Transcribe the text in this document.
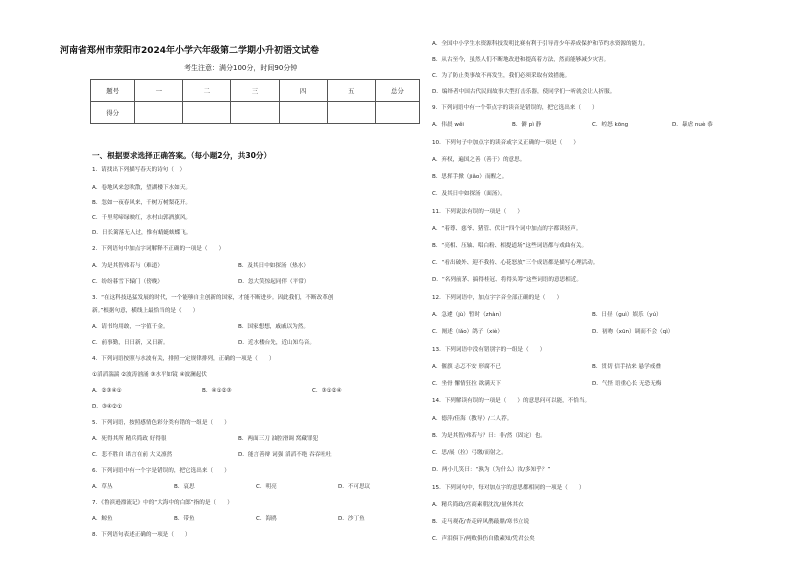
河南省郑州市荥阳市2024年小学六年级第二学期小升初语文试卷
考生注意：满分100分，时间90分钟
题号	一	二	三	四	五	总分
得分						
一、根据要求选择正确答案。（每小题2分，共30分）
1．请找出下列描写春天的诗句（　）
A．卷地风来忽吹散，望湖楼下水如天。
B．忽如一夜春风来，千树万树梨花开。
C．千里莺啼绿映红，水村山郭酒旗风。
D．日长篱落无人过，惟有蜻蜓蛱蝶飞。
2．下列语句中加点字词解释不正确的一项是（　　）
A．为是其智弗若与（难道）	B．及其日中如探汤（热水）
C．纷纷暮雪下辕门（傍晚）	D．忽大笑惊起同伴（平常）
3．“在这科技迅猛发展的时代，一个能够自主创新的国家，才能不断进步。因此我们，不断改革创
新。”根据句意，横线上最恰当的是（　　）
A．请书均用敢，一字值千金。	B．国家想想，戚戚以为然。
C．前事勤，日日新，又日新。	D．近水楼台先，近山知鸟音。
4．下列词语按照与水波有关，排照一定规律排列，正确的一项是（　　）
①滔滔湍湍 ②波涛汹涌 ③水平如镜 ④波澜起伏
A．②③④①	B．④①②③	C．③①②④
D．③④②①
5．下列词语，按照感情色彩分类有错的一组是（　　）
A．死得其所 精兵简政 好得很	B．两面三刀 油腔滑调 窝藏罪犯
C．悲不胜自 诺言在前 大义凛然	D．能言善辩 词强 滔滔不绝 吞吞吐吐
6．下列词语中有一个字是错误的，把它选出来（　　）
A．草丛	B．哀思	C．明亮	D．不可思议
7．《鲁滨逊漂流记》中的“大海中的白郎”指的是（　　）
A．鲸鱼	B．带鱼	C．海鸥	D．沙丁鱼
8．下列语句表述正确的一项是（　　）
A．全国中小学生水资源科技发明比赛有利于引导青少年养成保护和节约水资源的能力。
B．从古至今，虽然人们不断地改进和提高着方法，然而能够减少灾害。
C．为了防止类事故不再发生，我们必须采取有效措施。
D．编绎者中国古代民间故事大型打击乐器，使同学们一听就会让人折服。
9．下列词语中有一个带点字的读音是错误的，把它选出来（　　）
A．伟晨 wěi	B．僻 pì 静	C．崆怒 kōng	D．暴虐 nuè 恭
10．下列句子中加点字的读音或字义正确的一项是（　　）
A．弃权，遍国之善（善于）的意思。
B．思挥手掀（jiǎo）而醒之。
C．及其日中如探汤（面汤）。
11．下列说法有误的一项是（　　）
A．“着尊、慈爷、猪管、伏计”四个词中加点的字都读轻声。
B．“亮相、压轴、唱白粉、相提道场”这些词语都与戏曲有关。
C．“看出破外、迎不我持、心花怒放”三个成语都是描写心理活动。
D．“名列前茅、搞得桂冠、将得头筹”这些词语的意思相近。
12．下列词语中，加点字字音全部正确的是（　　）
A．急遽（jù）暂时（zhàn）	B．日昼（guì）娱乐（yú）
C．阐述（lǎo）鸽子（xiè）	D．初吻（xūn）调而不会（qì）
13．下列词语中没有错别字的一组是（　　）
A．偃旗 忐忑不安 形腐不已	B．贯切 信手拈来 悬学戒叠
C．坐骨 懈情狂拉 欲满天下	D．气怪 语重心长 无恐无梅
14．下列解读有误的一项是（　　）的意思问可以能，不恰当。
A．德萍/佳海（教导）/二人荐。
B．为是其智/弗若与？曰：非/然（固定）也。
C．思/展（拉）弓缴/而射之。
D．两小儿笑曰：“孰为（为什么）汝/多知乎？”
15．下列词句中，每对加点字的意思都相同的一项是（　　）
A．精兵简政/宫商素朝沈沈/量休其衣
B．走马观花/杏走碎风鹊敲鼎/寒书立说
C．声泪俱下/两败俱伤自傲素知/凭君公矣
